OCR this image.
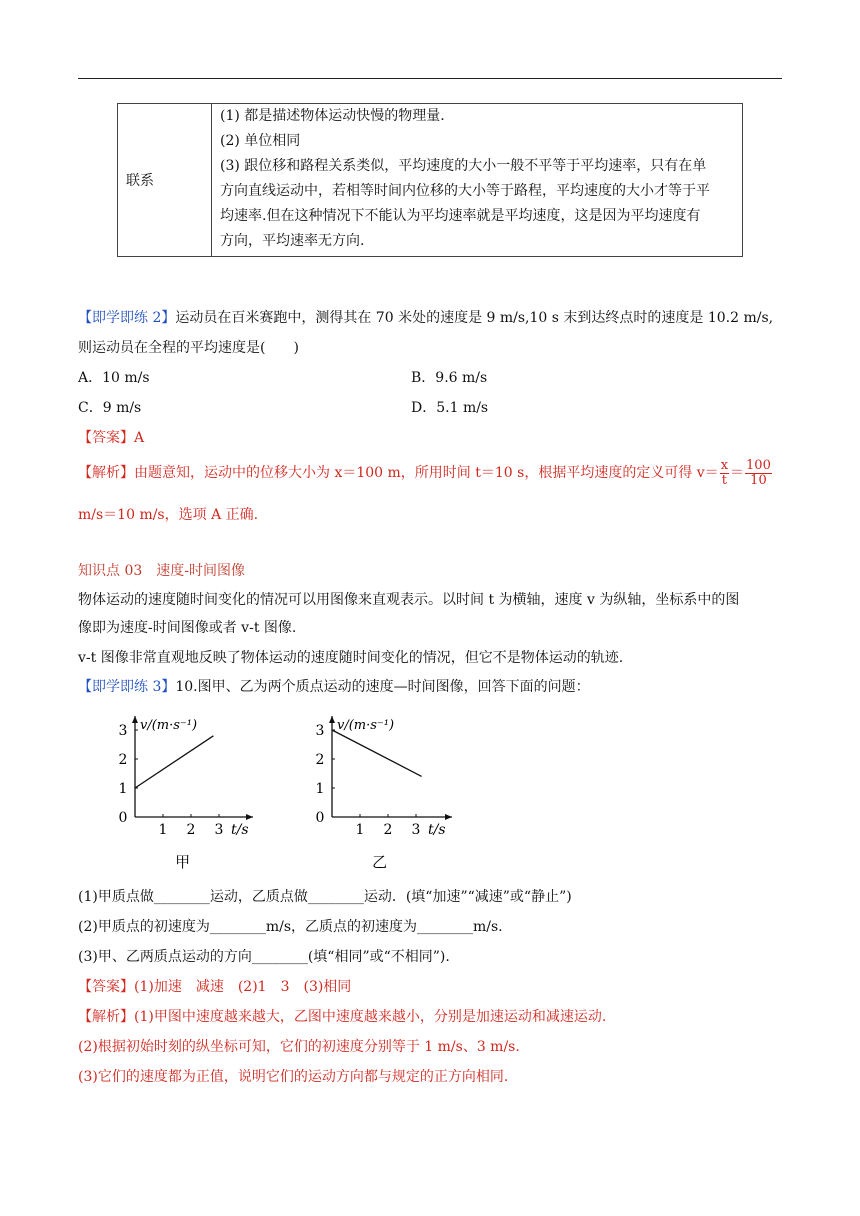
联系	
(1) 都是描述物体运动快慢的物理量.
(2) 单位相同
(3) 跟位移和路程关系类似，平均速度的大小一般不平等于平均速率，只有在单
方向直线运动中，若相等时间内位移的大小等于路程，平均速度的大小才等于平
均速率.但在这种情况下不能认为平均速率就是平均速度，这是因为平均速度有
方向，平均速率无方向.
【即学即练 2】运动员在百米赛跑中，测得其在 70 米处的速度是 9 m/s,10 s 末到达终点时的速度是 10.2 m/s,
则运动员在全程的平均速度是(　　)
A．10 m/s	B．9.6 m/s
C．9 m/s	D．5.1 m/s
【答案】A
【解析】由题意知，运动中的位移大小为 x＝100 m，所用时间 t＝10 s，根据平均速度的定义可得 $v= \frac{x}{t} = \frac{100}{10}$
m/s＝10 m/s，选项 A 正确.
知识点 03　速度-时间图像
物体运动的速度随时间变化的情况可以用图像来直观表示。以时间 t 为横轴，速度 v 为纵轴，坐标系中的图
像即为速度-时间图像或者 v-t 图像.
v-t 图像非常直观地反映了物体运动的速度随时间变化的情况，但它不是物体运动的轨迹.
【即学即练 3】10.图甲、乙为两个质点运动的速度—时间图像，回答下面的问题：
0
1
2
3
1 2 3
v/(m·s⁻¹)
t/s
甲
0
1
2
3
1 2 3
v/(m·s⁻¹)
t/s
乙
(1)甲质点做________运动，乙质点做________运动．(填“加速”“减速”或“静止”)
(2)甲质点的初速度为________m/s，乙质点的初速度为________m/s.
(3)甲、乙两质点运动的方向________(填“相同”或“不相同”).
【答案】(1)加速　减速　(2)1　3　(3)相同
【解析】(1)甲图中速度越来越大，乙图中速度越来越小，分别是加速运动和减速运动.
(2)根据初始时刻的纵坐标可知，它们的初速度分别等于 1 m/s、3 m/s.
(3)它们的速度都为正值，说明它们的运动方向都与规定的正方向相同.
